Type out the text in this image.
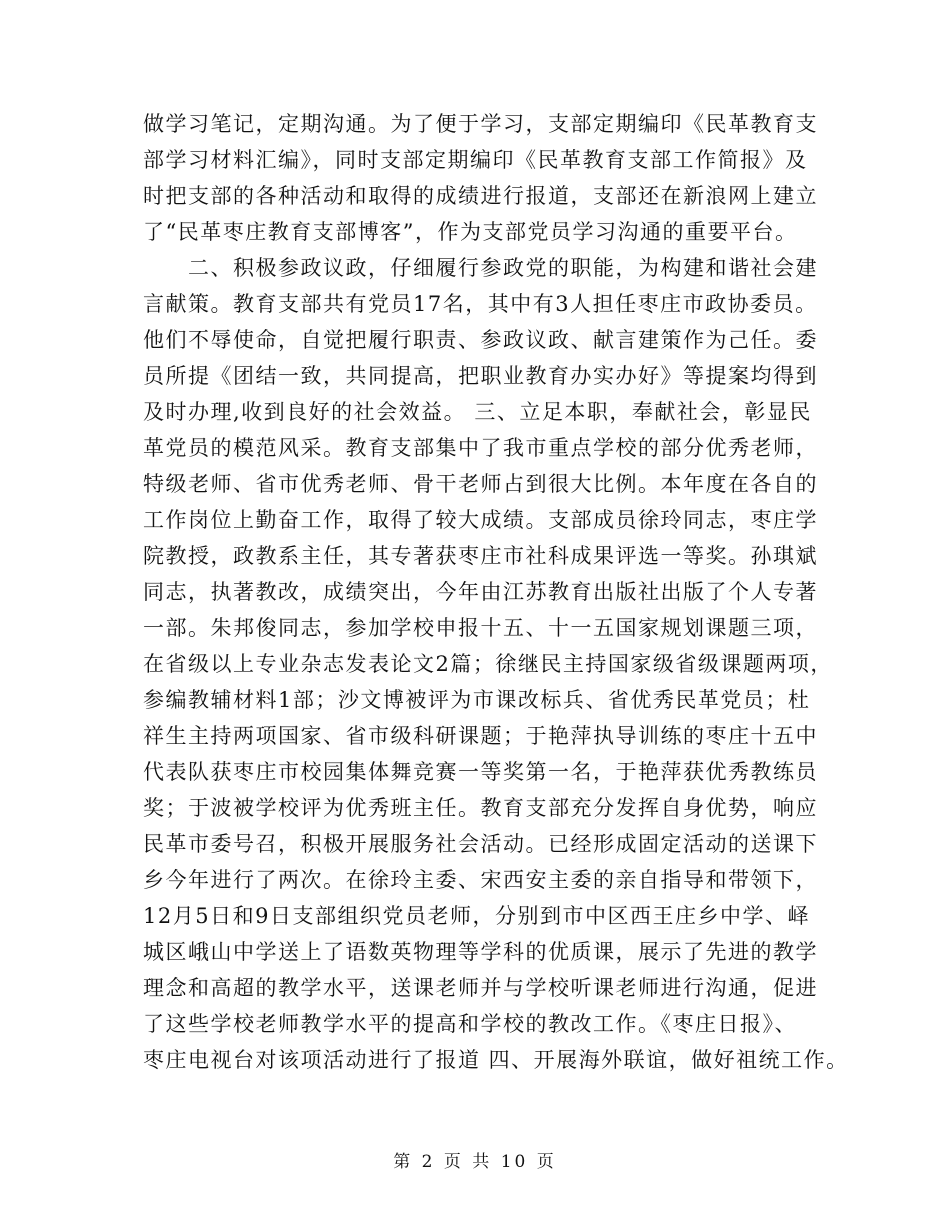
做学习笔记，定期沟通。为了便于学习，支部定期编印《民革教育支
部学习材料汇编》，同时支部定期编印《民革教育支部工作简报》及
时把支部的各种活动和取得的成绩进行报道，支部还在新浪网上建立
了“民革枣庄教育支部博客”，作为支部党员学习沟通的重要平台。
　　二、积极参政议政，仔细履行参政党的职能，为构建和谐社会建
言献策。教育支部共有党员17名，其中有3人担任枣庄市政协委员。
他们不辱使命，自觉把履行职责、参政议政、献言建策作为己任。委
员所提《团结一致，共同提高，把职业教育办实办好》等提案均得到
及时办理,收到良好的社会效益。 三、立足本职，奉献社会，彰显民
革党员的模范风采。教育支部集中了我市重点学校的部分优秀老师，
特级老师、省市优秀老师、骨干老师占到很大比例。本年度在各自的
工作岗位上勤奋工作，取得了较大成绩。支部成员徐玲同志，枣庄学
院教授，政教系主任，其专著获枣庄市社科成果评选一等奖。孙琪斌
同志，执著教改，成绩突出，今年由江苏教育出版社出版了个人专著
一部。朱邦俊同志，参加学校申报十五、十一五国家规划课题三项，
在省级以上专业杂志发表论文2篇；徐继民主持国家级省级课题两项，
参编教辅材料1部；沙文博被评为市课改标兵、省优秀民革党员；杜
祥生主持两项国家、省市级科研课题；于艳萍执导训练的枣庄十五中
代表队获枣庄市校园集体舞竞赛一等奖第一名，于艳萍获优秀教练员
奖；于波被学校评为优秀班主任。教育支部充分发挥自身优势，响应
民革市委号召，积极开展服务社会活动。已经形成固定活动的送课下
乡今年进行了两次。在徐玲主委、宋西安主委的亲自指导和带领下，
12月5日和9日支部组织党员老师，分别到市中区西王庄乡中学、峄
城区峨山中学送上了语数英物理等学科的优质课，展示了先进的教学
理念和高超的教学水平，送课老师并与学校听课老师进行沟通，促进
了这些学校老师教学水平的提高和学校的教改工作。《枣庄日报》、
枣庄电视台对该项活动进行了报道 四、开展海外联谊，做好祖统工作。
第 2 页 共 10 页
